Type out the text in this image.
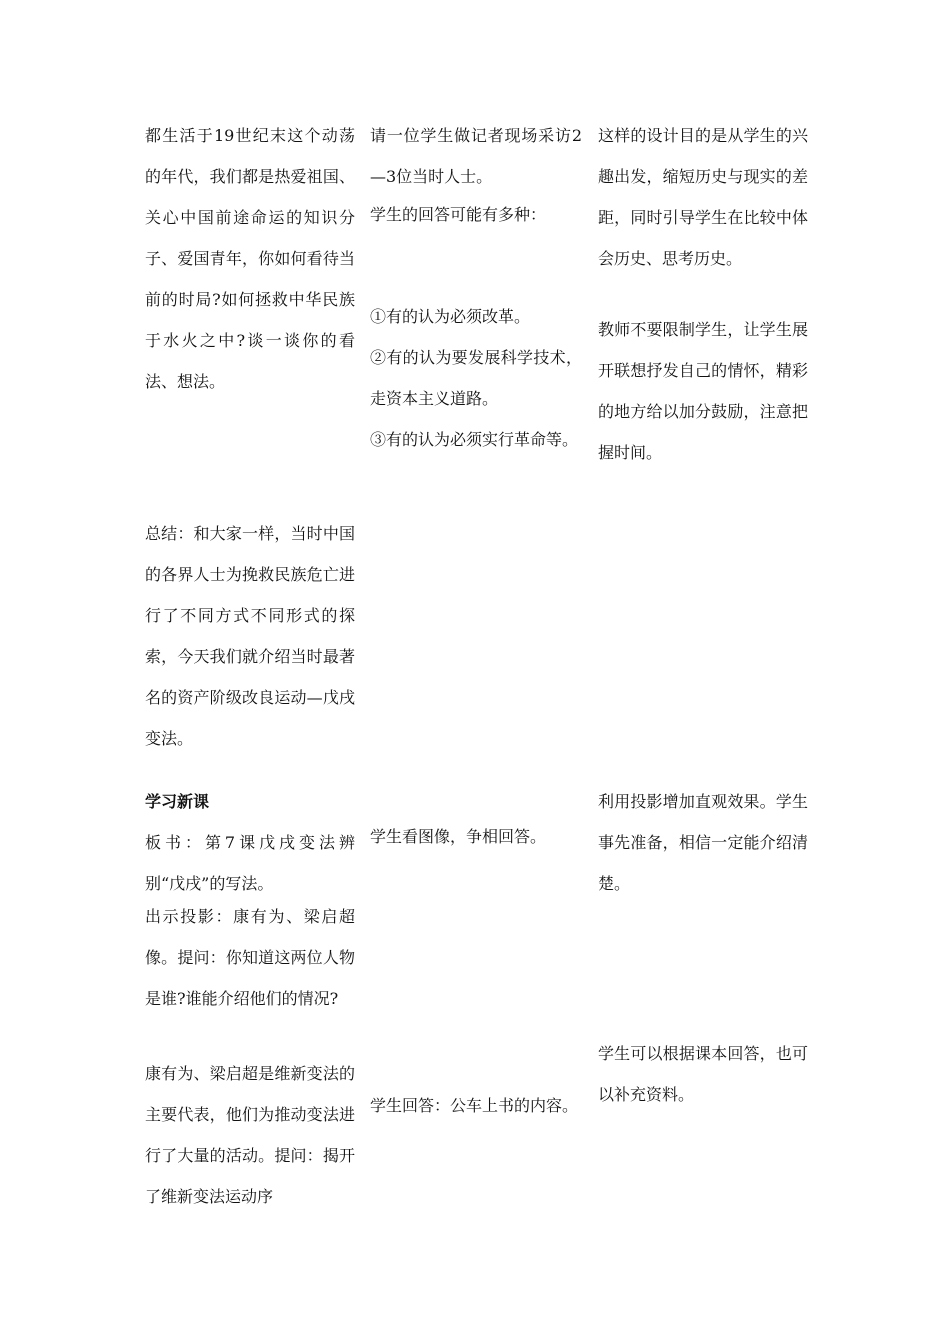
都生活于19世纪末这个动荡的年代，我们都是热爱祖国、关心中国前途命运的知识分子、爱国青年，你如何看待当前的时局?如何拯救中华民族于水火之中?谈一谈你的看法、想法。
总结：和大家一样，当时中国的各界人士为挽救民族危亡进行了不同方式不同形式的探索，今天我们就介绍当时最著名的资产阶级改良运动—戊戌变法。
学习新课
板书：第7课戊戌变法辨别“戊戌”的写法。
出示投影：康有为、梁启超像。提问：你知道这两位人物是谁?谁能介绍他们的情况?
康有为、梁启超是维新变法的主要代表，他们为推动变法进行了大量的活动。提问：揭开了维新变法运动序
请一位学生做记者现场采访2—3位当时人士。
学生的回答可能有多种：
①有的认为必须改革。
②有的认为要发展科学技术，走资本主义道路。
③有的认为必须实行革命等。
学生看图像，争相回答。
学生回答：公车上书的内容。
这样的设计目的是从学生的兴趣出发，缩短历史与现实的差距，同时引导学生在比较中体会历史、思考历史。
教师不要限制学生，让学生展开联想抒发自己的情怀，精彩的地方给以加分鼓励，注意把握时间。
利用投影增加直观效果。学生事先准备，相信一定能介绍清楚。
学生可以根据课本回答，也可以补充资料。
